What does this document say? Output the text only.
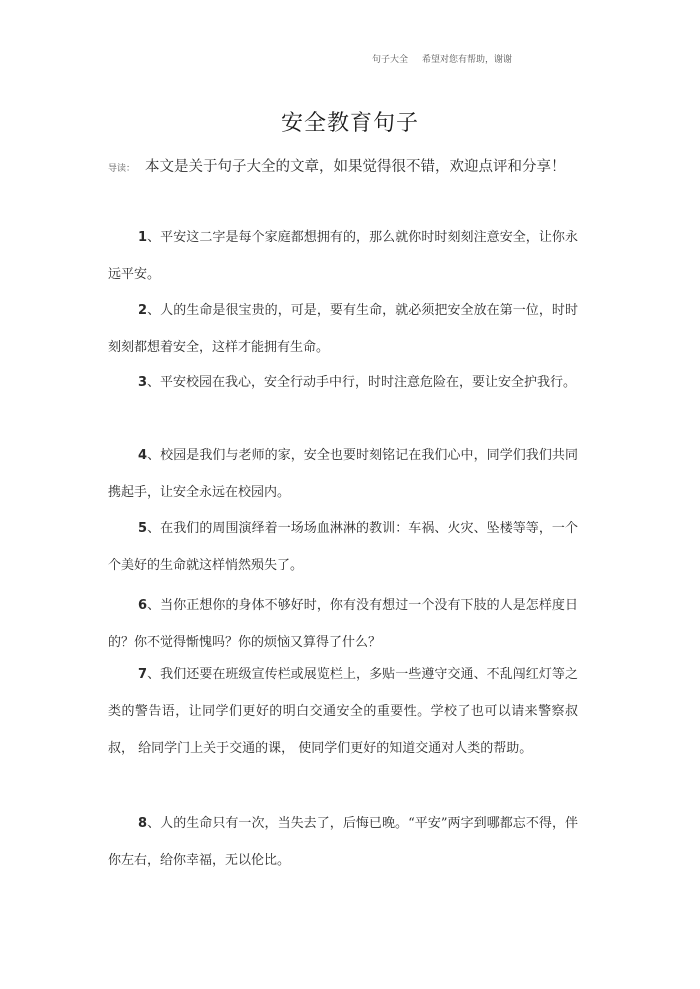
句子大全 希望对您有帮助，谢谢
安全教育句子
导读： 本文是关于句子大全的文章，如果觉得很不错，欢迎点评和分享！
1、平安这二字是每个家庭都想拥有的，那么就你时时刻刻注意安全，让你永远平安。
2、人的生命是很宝贵的，可是，要有生命，就必须把安全放在第一位，时时刻刻都想着安全，这样才能拥有生命。
3、平安校园在我心，安全行动手中行，时时注意危险在，要让安全护我行。
4、校园是我们与老师的家，安全也要时刻铭记在我们心中，同学们我们共同携起手，让安全永远在校园内。
5、在我们的周围演绎着一场场血淋淋的教训：车祸、火灾、坠楼等等，一个个美好的生命就这样悄然殒失了。
6、当你正想你的身体不够好时，你有没有想过一个没有下肢的人是怎样度日的？你不觉得惭愧吗？你的烦恼又算得了什么？
7、我们还要在班级宣传栏或展览栏上，多贴一些遵守交通、不乱闯红灯等之类的警告语，让同学们更好的明白交通安全的重要性。学校了也可以请来警察叔叔， 给同学门上关于交通的课， 使同学们更好的知道交通对人类的帮助。
8、人的生命只有一次，当失去了，后悔已晚。“平安”两字到哪都忘不得，伴你左右，给你幸福，无以伦比。
